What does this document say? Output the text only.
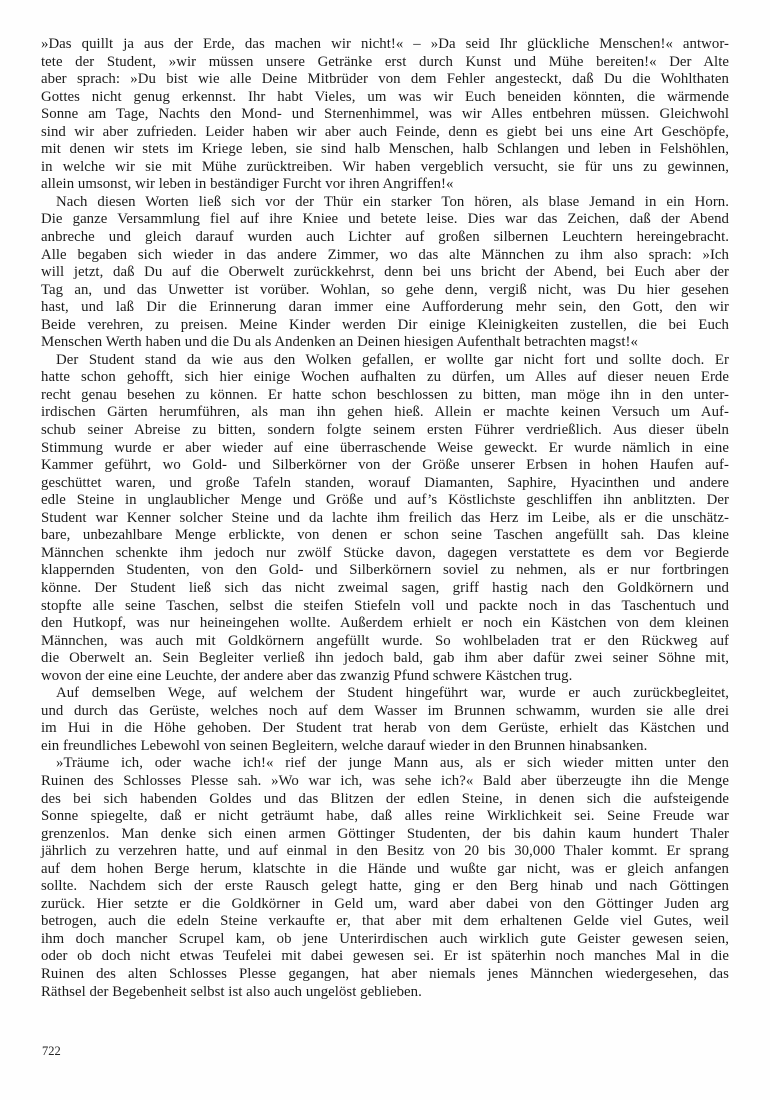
»Das quillt ja aus der Erde, das machen wir nicht!« – »Da seid Ihr glückliche Menschen!« antwor-
tete der Student, »wir müssen unsere Getränke erst durch Kunst und Mühe bereiten!« Der Alte
aber sprach: »Du bist wie alle Deine Mitbrüder von dem Fehler angesteckt, daß Du die Wohlthaten
Gottes nicht genug erkennst. Ihr habt Vieles, um was wir Euch beneiden könnten, die wärmende
Sonne am Tage, Nachts den Mond- und Sternenhimmel, was wir Alles entbehren müssen. Gleichwohl
sind wir aber zufrieden. Leider haben wir aber auch Feinde, denn es giebt bei uns eine Art Geschöpfe,
mit denen wir stets im Kriege leben, sie sind halb Menschen, halb Schlangen und leben in Felshöhlen,
in welche wir sie mit Mühe zurücktreiben. Wir haben vergeblich versucht, sie für uns zu gewinnen,
allein umsonst, wir leben in beständiger Furcht vor ihren Angriffen!«
Nach diesen Worten ließ sich vor der Thür ein starker Ton hören, als blase Jemand in ein Horn.
Die ganze Versammlung fiel auf ihre Kniee und betete leise. Dies war das Zeichen, daß der Abend
anbreche und gleich darauf wurden auch Lichter auf großen silbernen Leuchtern hereingebracht.
Alle begaben sich wieder in das andere Zimmer, wo das alte Männchen zu ihm also sprach: »Ich
will jetzt, daß Du auf die Oberwelt zurückkehrst, denn bei uns bricht der Abend, bei Euch aber der
Tag an, und das Unwetter ist vorüber. Wohlan, so gehe denn, vergiß nicht, was Du hier gesehen
hast, und laß Dir die Erinnerung daran immer eine Aufforderung mehr sein, den Gott, den wir
Beide verehren, zu preisen. Meine Kinder werden Dir einige Kleinigkeiten zustellen, die bei Euch
Menschen Werth haben und die Du als Andenken an Deinen hiesigen Aufenthalt betrachten magst!«
Der Student stand da wie aus den Wolken gefallen, er wollte gar nicht fort und sollte doch. Er
hatte schon gehofft, sich hier einige Wochen aufhalten zu dürfen, um Alles auf dieser neuen Erde
recht genau besehen zu können. Er hatte schon beschlossen zu bitten, man möge ihn in den unter-
irdischen Gärten herumführen, als man ihn gehen hieß. Allein er machte keinen Versuch um Auf-
schub seiner Abreise zu bitten, sondern folgte seinem ersten Führer verdrießlich. Aus dieser übeln
Stimmung wurde er aber wieder auf eine überraschende Weise geweckt. Er wurde nämlich in eine
Kammer geführt, wo Gold- und Silberkörner von der Größe unserer Erbsen in hohen Haufen auf-
geschüttet waren, und große Tafeln standen, worauf Diamanten, Saphire, Hyacinthen und andere
edle Steine in unglaublicher Menge und Größe und auf’s Köstlichste geschliffen ihn anblitzten. Der
Student war Kenner solcher Steine und da lachte ihm freilich das Herz im Leibe, als er die unschätz-
bare, unbezahlbare Menge erblickte, von denen er schon seine Taschen angefüllt sah. Das kleine
Männchen schenkte ihm jedoch nur zwölf Stücke davon, dagegen verstattete es dem vor Begierde
klappernden Studenten, von den Gold- und Silberkörnern soviel zu nehmen, als er nur fortbringen
könne. Der Student ließ sich das nicht zweimal sagen, griff hastig nach den Goldkörnern und
stopfte alle seine Taschen, selbst die steifen Stiefeln voll und packte noch in das Taschentuch und
den Hutkopf, was nur heineingehen wollte. Außerdem erhielt er noch ein Kästchen von dem kleinen
Männchen, was auch mit Goldkörnern angefüllt wurde. So wohlbeladen trat er den Rückweg auf
die Oberwelt an. Sein Begleiter verließ ihn jedoch bald, gab ihm aber dafür zwei seiner Söhne mit,
wovon der eine eine Leuchte, der andere aber das zwanzig Pfund schwere Kästchen trug.
Auf demselben Wege, auf welchem der Student hingeführt war, wurde er auch zurückbegleitet,
und durch das Gerüste, welches noch auf dem Wasser im Brunnen schwamm, wurden sie alle drei
im Hui in die Höhe gehoben. Der Student trat herab von dem Gerüste, erhielt das Kästchen und
ein freundliches Lebewohl von seinen Begleitern, welche darauf wieder in den Brunnen hinabsanken.
»Träume ich, oder wache ich!« rief der junge Mann aus, als er sich wieder mitten unter den
Ruinen des Schlosses Plesse sah. »Wo war ich, was sehe ich?« Bald aber überzeugte ihn die Menge
des bei sich habenden Goldes und das Blitzen der edlen Steine, in denen sich die aufsteigende
Sonne spiegelte, daß er nicht geträumt habe, daß alles reine Wirklichkeit sei. Seine Freude war
grenzenlos. Man denke sich einen armen Göttinger Studenten, der bis dahin kaum hundert Thaler
jährlich zu verzehren hatte, und auf einmal in den Besitz von 20 bis 30,000 Thaler kommt. Er sprang
auf dem hohen Berge herum, klatschte in die Hände und wußte gar nicht, was er gleich anfangen
sollte. Nachdem sich der erste Rausch gelegt hatte, ging er den Berg hinab und nach Göttingen
zurück. Hier setzte er die Goldkörner in Geld um, ward aber dabei von den Göttinger Juden arg
betrogen, auch die edeln Steine verkaufte er, that aber mit dem erhaltenen Gelde viel Gutes, weil
ihm doch mancher Scrupel kam, ob jene Unterirdischen auch wirklich gute Geister gewesen seien,
oder ob doch nicht etwas Teufelei mit dabei gewesen sei. Er ist späterhin noch manches Mal in die
Ruinen des alten Schlosses Plesse gegangen, hat aber niemals jenes Männchen wiedergesehen, das
Räthsel der Begebenheit selbst ist also auch ungelöst geblieben.
722
